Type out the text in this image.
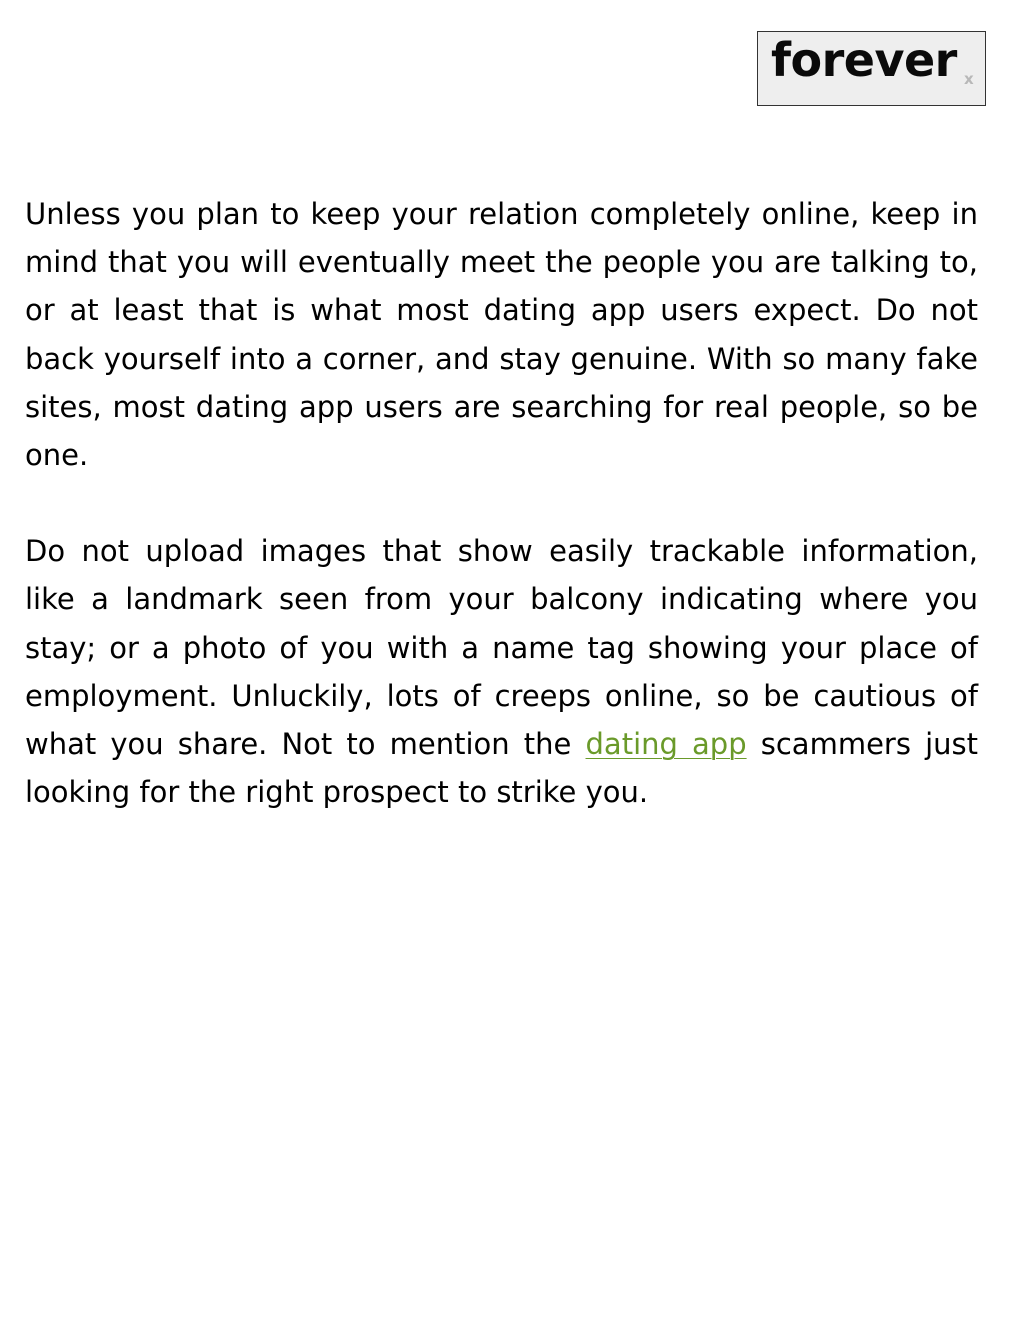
forever x

Unless you plan to keep your relation completely online, keep in mind that you will eventually meet the people you are talking to, or at least that is what most dating app users expect. Do not back yourself into a corner, and stay genuine. With so many fake sites, most dating app users are searching for real people, so be one.

Do not upload images that show easily trackable information, like a landmark seen from your balcony indicating where you stay; or a photo of you with a name tag showing your place of employment. Unluckily, lots of creeps online, so be cautious of what you share. Not to mention the dating app scammers just looking for the right prospect to strike you.
